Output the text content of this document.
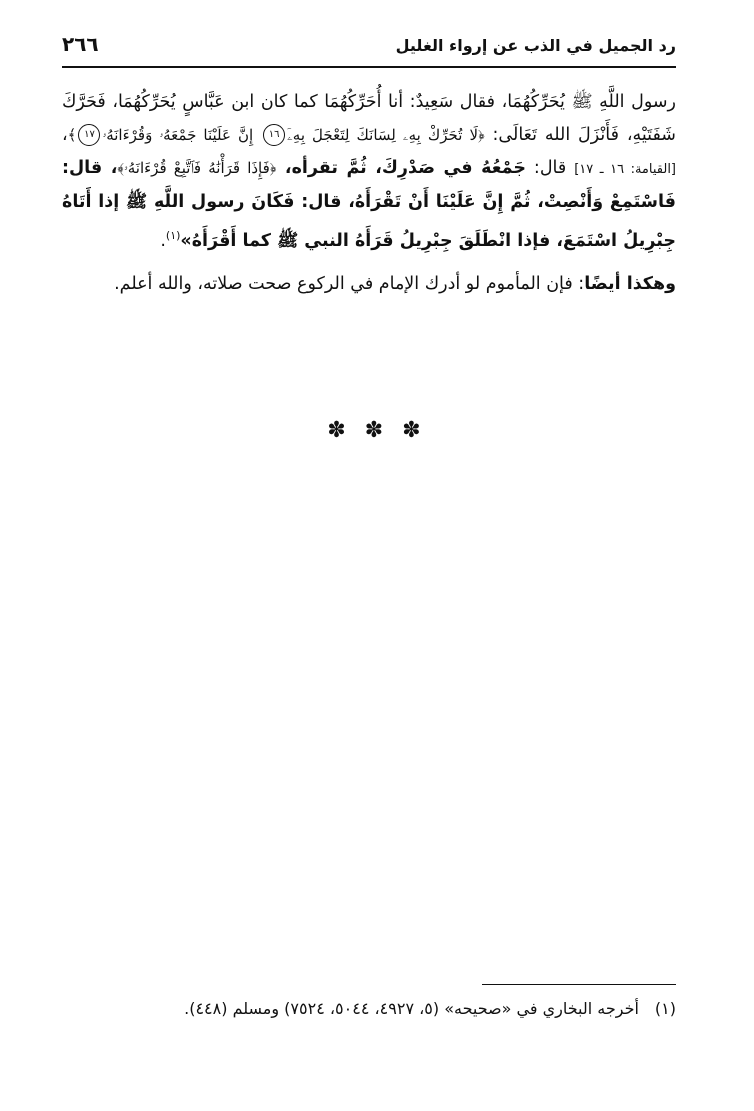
رد الجميل في الذب عن إرواء الغليل
٢٦٦

رسول اللَّهِ ﷺ يُحَرِّكُهُمَا، فقال سَعِيدٌ: أنا أُحَرِّكُهُمَا كما كان ابن عَبَّاسٍ يُحَرِّكُهُمَا، فَحَرَّكَ شَفَتَيْهِ، فَأَنْزَلَ الله تَعَالَى: ﴿لَا تُحَرِّكْ بِهِۦ لِسَانَكَ لِتَعْجَلَ بِهِۦٓ١٦ إِنَّ عَلَيْنَا جَمْعَهُۥ وَقُرْءَانَهُۥ١٧﴾، [القيامة: ١٦ ـ ١٧] قال: جَمْعُهُ في صَدْرِكَ، ثُمَّ تقرأه، ﴿فَإِذَا قَرَأْنَٰهُ فَٱتَّبِعْ قُرْءَانَهُۥ﴾، قال: فَاسْتَمِعْ وَأَنْصِتْ، ثُمَّ إِنَّ عَلَيْنَا أَنْ تَقْرَأَهُ، قال: فَكَانَ رسول اللَّهِ ﷺ إذا أَتَاهُ جِبْرِيلُ اسْتَمَعَ، فإذا انْطَلَقَ جِبْرِيلُ قَرَأَهُ النبي ﷺ كما أَقْرَأَهُ»$^{(١)}$.

وهكذا أيضًا: فإن المأموم لو أدرك الإمام في الركوع صحت صلاته، والله أعلم.

✽ ✽ ✽
(١)أخرجه البخاري في «صحيحه» (٥، ٤٩٢٧، ٥٠٤٤، ٧٥٢٤) ومسلم (٤٤٨).
